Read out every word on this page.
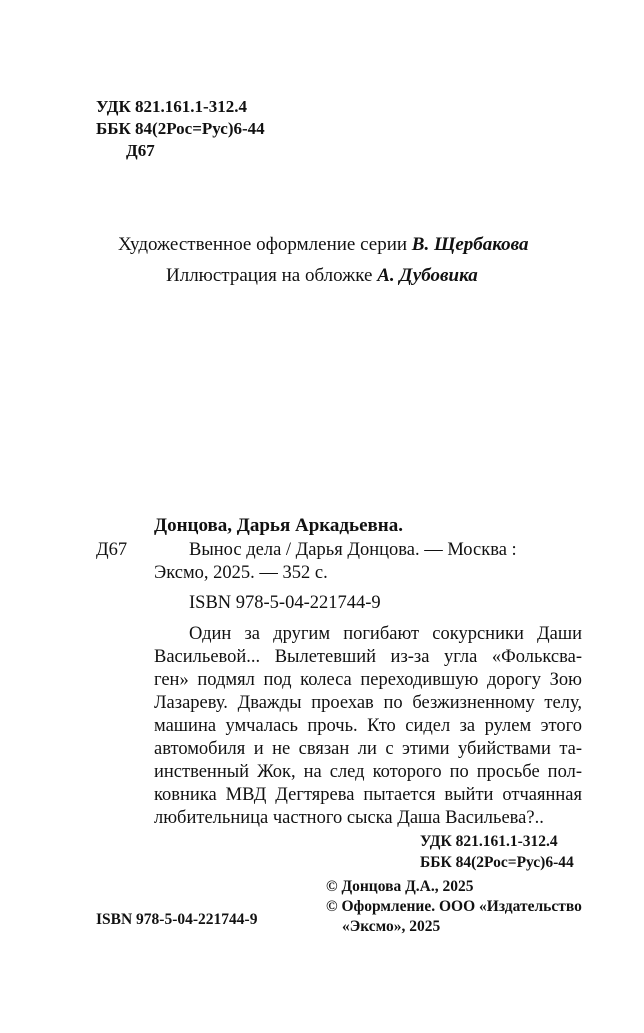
УДК 821.161.1-312.4
ББК 84(2Рос=Рус)6-44
Д67
Художественное оформление серии В. Щербакова
Иллюстрация на обложке А. Дубовика
Донцова, Дарья Аркадьевна.
Д67	Вынос дела / Дарья Донцова. — Москва :
Эксмо, 2025. — 352 с.
ISBN 978-5-04-221744-9
Один за другим погибают сокурсники Даши
Васильевой... Вылетевший из-за угла «Фольксва-
ген» подмял под колеса переходившую дорогу Зою
Лазареву. Дважды проехав по безжизненному телу,
машина умчалась прочь. Кто сидел за рулем этого
автомобиля и не связан ли с этими убийствами та-
инственный Жок, на след которого по просьбе пол-
ковника МВД Дегтярева пытается выйти отчаянная
любительница частного сыска Даша Васильева?..
УДК 821.161.1-312.4
ББК 84(2Рос=Рус)6-44
© Донцова Д.А., 2025
© Оформление. ООО «Издательство
«Эксмо», 2025
ISBN 978-5-04-221744-9
